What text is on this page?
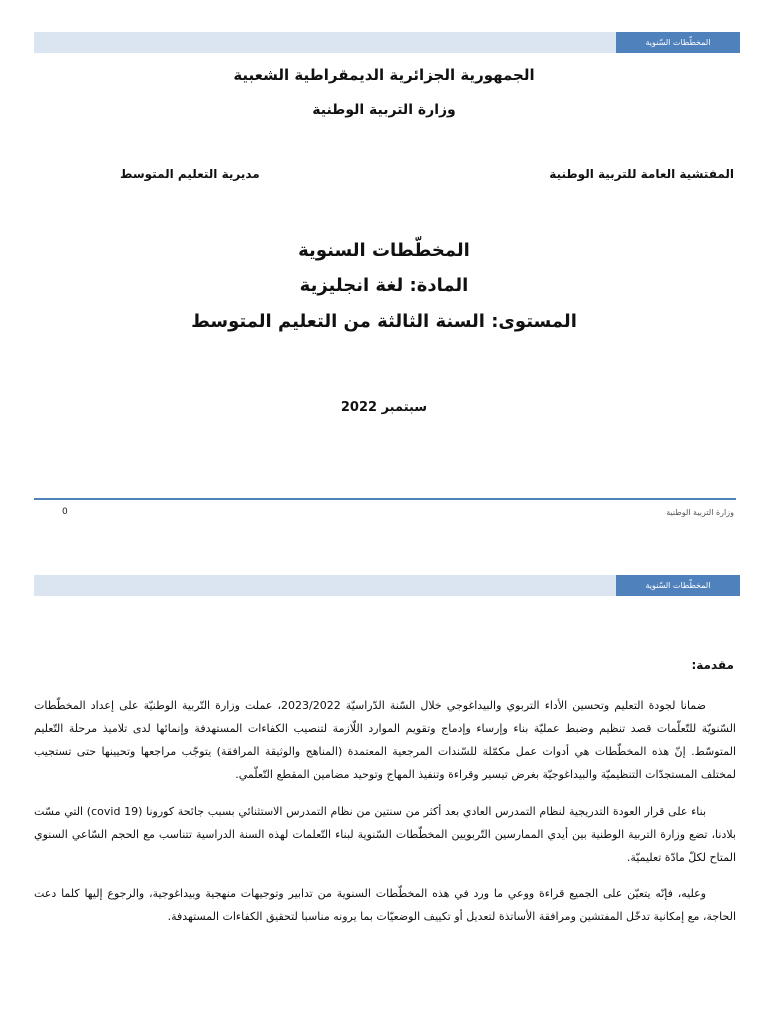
المخطّطات السّنوية
الجمهورية الجزائرية الديمقراطية الشعبية
وزارة التربية الوطنية
المفتشية العامة للتربية الوطنية
مديرية التعليم المتوسط
المخطّطات السنوية
المادة: لغة انجليزية
المستوى: السنة الثالثة من التعليم المتوسط
سبتمبر 2022
وزارة التربية الوطنية
0
المخطّطات السّنوية
مقدمة:
ضمانا لجودة التعليم وتحسين الأداء التربوي والبيداغوجي خلال السّنة الدّراسيّة 2023/2022، عملت وزارة التّربية الوطنيّة على إعداد المخطّطات السّنويّة للتّعلّمات قصد تنظيم وضبط عمليّة بناء وإرساء وإدماج وتقويم الموارد اللّازمة لتنصيب الكفاءات المستهدفة وإنمائها لدى تلاميذ مرحلة التّعليم المتوسّط. إنّ هذه المخطّطات هي أدوات عمل مكمّلة للسّندات المرجعية المعتمدة (المناهج والوثيقة المرافقة) يتوجّب مراجعها وتحيينها حتى تستجيب لمختلف المستجدّات التنظيميّة والبيداغوجيّة بغرض تيسير وقراءة وتنفيذ المهاج وتوحيد مضامين المقطع التّعلّمي.
بناء على قرار العودة التدريجية لنظام التمدرس العادي بعد أكثر من سنتين من نظام التمدرس الاستثنائي بسبب جائحة كورونا (covid 19) التي مسّت بلادنا، تضع وزارة التربية الوطنية بين أيدي الممارسين التّربويين المخطّطات السّنوية لبناء التّعلمات لهذه السنة الدراسية تتناسب مع الحجم السّاعي السنوي المتاح لكلّ مادّة تعليميّة.
وعليه، فإنّه يتعيّن على الجميع قراءة ووعي ما ورد في هذه المخطّطات السنوية من تدابير وتوجيهات منهجية وبيداغوجية، والرجوع إليها كلما دعت الحاجة، مع إمكانية تدخّل المفتشين ومرافقة الأساتذة لتعديل أو تكييف الوضعيّات بما يرونه مناسبا لتحقيق الكفاءات المستهدفة.
